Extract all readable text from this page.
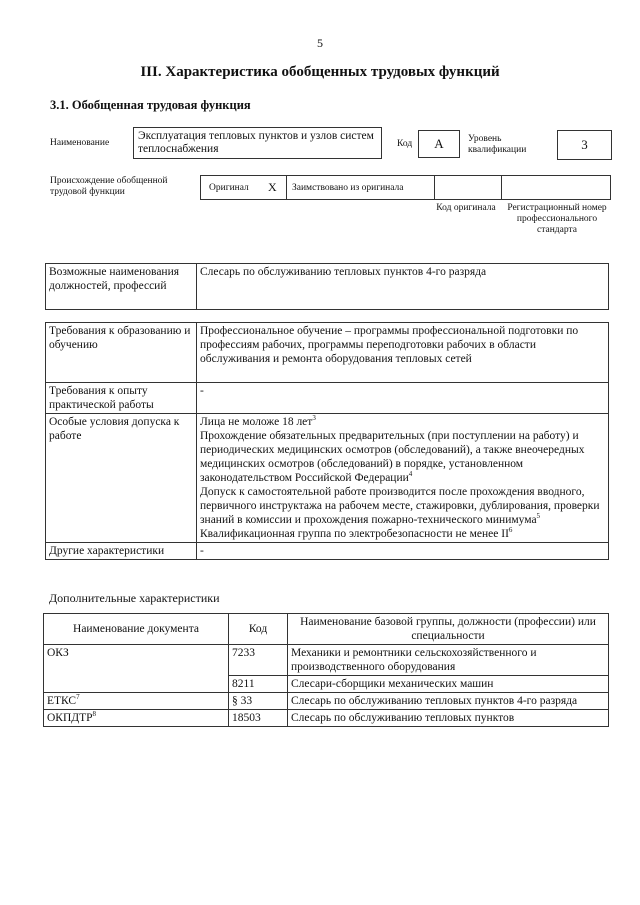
5
III. Характеристика обобщенных трудовых функций
3.1. Обобщенная трудовая функция
Наименование
Эксплуатация тепловых пунктов и узлов систем теплоснабжения	Код	А	Уровень квалификации	3
Происхождение обобщенной трудовой функции	Оригинал X Заимствовано из оригинала
Код оригинала	Регистрационный номер профессионального стандарта
Возможные наименования должностей, профессий	Слесарь по обслуживанию тепловых пунктов 4-го разряда
Требования к образованию и обучению	Профессиональное обучение – программы профессиональной подготовки по профессиям рабочих, программы переподготовки рабочих в области обслуживания и ремонта оборудования тепловых сетей
Требования к опыту практической работы	-
Особые условия допуска к работе	Лица не моложе 18 лет$^3$
Прохождение обязательных предварительных (при поступлении на работу) и периодических медицинских осмотров (обследований), а также внеочередных медицинских осмотров (обследований) в порядке, установленном законодательством Российской Федерации$^4$
Допуск к самостоятельной работе производится после прохождения вводного, первичного инструктажа на рабочем месте, стажировки, дублирования, проверки знаний в комиссии и прохождения пожарно-технического минимума$^5$
Квалификационная группа по электробезопасности не менее $II^6$

Другие характеристики	-
Дополнительные характеристики
Наименование документа	Код	Наименование базовой группы, должности (профессии) или специальности
ОКЗ	7233	Механики и ремонтники сельскохозяйственного и производственного оборудования
	8211	Слесари-сборщики механических машин
ЕТКС$^7$	§ 33	Слесарь по обслуживанию тепловых пунктов 4-го разряда
ОКПДТР$^8$	18503	Слесарь по обслуживанию тепловых пунктов
